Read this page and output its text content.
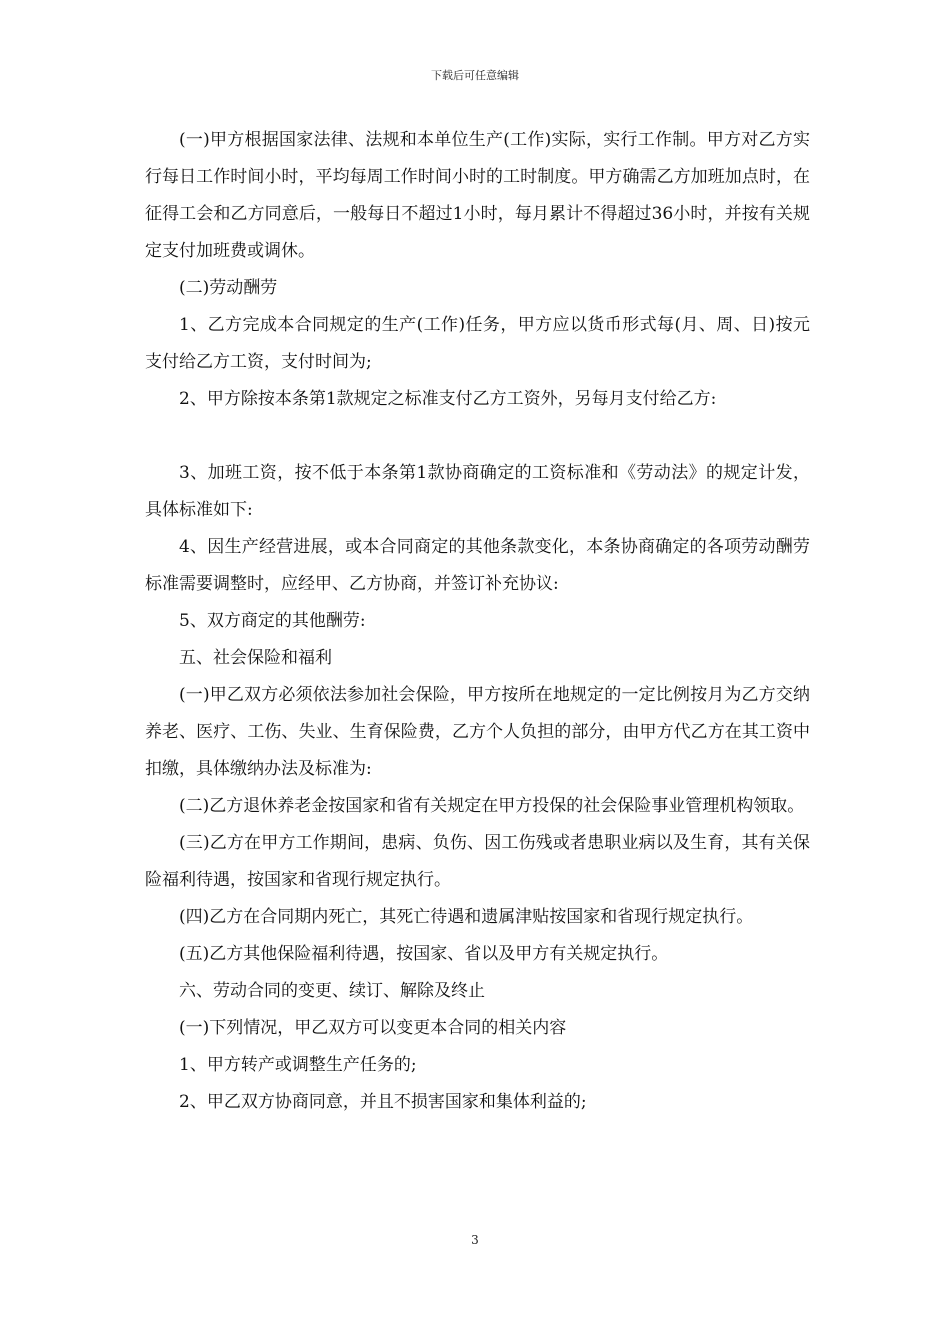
下载后可任意编辑

(一)甲方根据国家法律、法规和本单位生产(工作)实际，实行工作制。甲方对乙方实行每日工作时间小时，平均每周工作时间小时的工时制度。甲方确需乙方加班加点时，在征得工会和乙方同意后，一般每日不超过1小时，每月累计不得超过36小时，并按有关规定支付加班费或调休。

(二)劳动酬劳

1、乙方完成本合同规定的生产(工作)任务，甲方应以货币形式每(月、周、日)按元支付给乙方工资，支付时间为;

2、甲方除按本条第1款规定之标准支付乙方工资外，另每月支付给乙方:

3、加班工资，按不低于本条第1款协商确定的工资标准和《劳动法》的规定计发，具体标准如下:

4、因生产经营进展，或本合同商定的其他条款变化，本条协商确定的各项劳动酬劳标准需要调整时，应经甲、乙方协商，并签订补充协议:

5、双方商定的其他酬劳:

五、社会保险和福利

(一)甲乙双方必须依法参加社会保险，甲方按所在地规定的一定比例按月为乙方交纳养老、医疗、工伤、失业、生育保险费，乙方个人负担的部分，由甲方代乙方在其工资中扣缴，具体缴纳办法及标准为:

(二)乙方退休养老金按国家和省有关规定在甲方投保的社会保险事业管理机构领取。

(三)乙方在甲方工作期间，患病、负伤、因工伤残或者患职业病以及生育，其有关保险福利待遇，按国家和省现行规定执行。

(四)乙方在合同期内死亡，其死亡待遇和遗属津贴按国家和省现行规定执行。

(五)乙方其他保险福利待遇，按国家、省以及甲方有关规定执行。

六、劳动合同的变更、续订、解除及终止

(一)下列情况，甲乙双方可以变更本合同的相关内容

1、甲方转产或调整生产任务的;

2、甲乙双方协商同意，并且不损害国家和集体利益的;

3
